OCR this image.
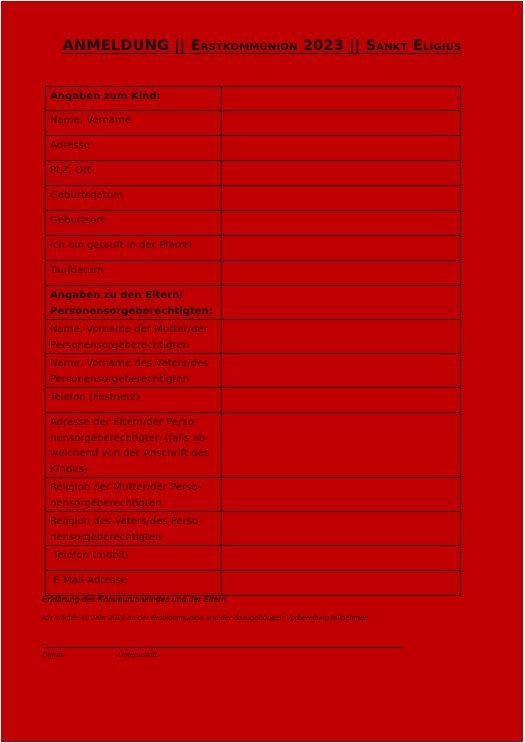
ANMELDUNG || Erstkommunion 2023 || Sankt Eligius
Angaben zum Kind:	
Name, Vorname	
Adresse	
PLZ, Ort	
Geburtsdatum	
Geburtsort	
Ich bin getauft in der Pfarrei	
Taufdatum	
Angaben zu den Eltern/
Personensorgeberechtigten:	
Name, Vorname der Mutter/der
Personensorgeberechtigten	
Name, Vorname des Vaters/des
Personensorgeberechtigten	
Telefon (Festnetz)	
Adresse der Eltern/der Perso-
nensorgeberechtigten (falls ab-
weichend von der Anschrift des
Kindes)	
Religion der Mutter/der Perso-
nensorgeberechtigten	
Religion des Vaters/des Perso-
nensorgeberechtigten	
Telefon (mobil)	
E-Mail-Adresse	
Erklärung des Kommunionkindes und der Eltern
Ich möchte im Jahr 2023 an der Erstkommunion und der dazugehörigen Vorbereitung teilnehmen.
Datum:	Unterschrift:
